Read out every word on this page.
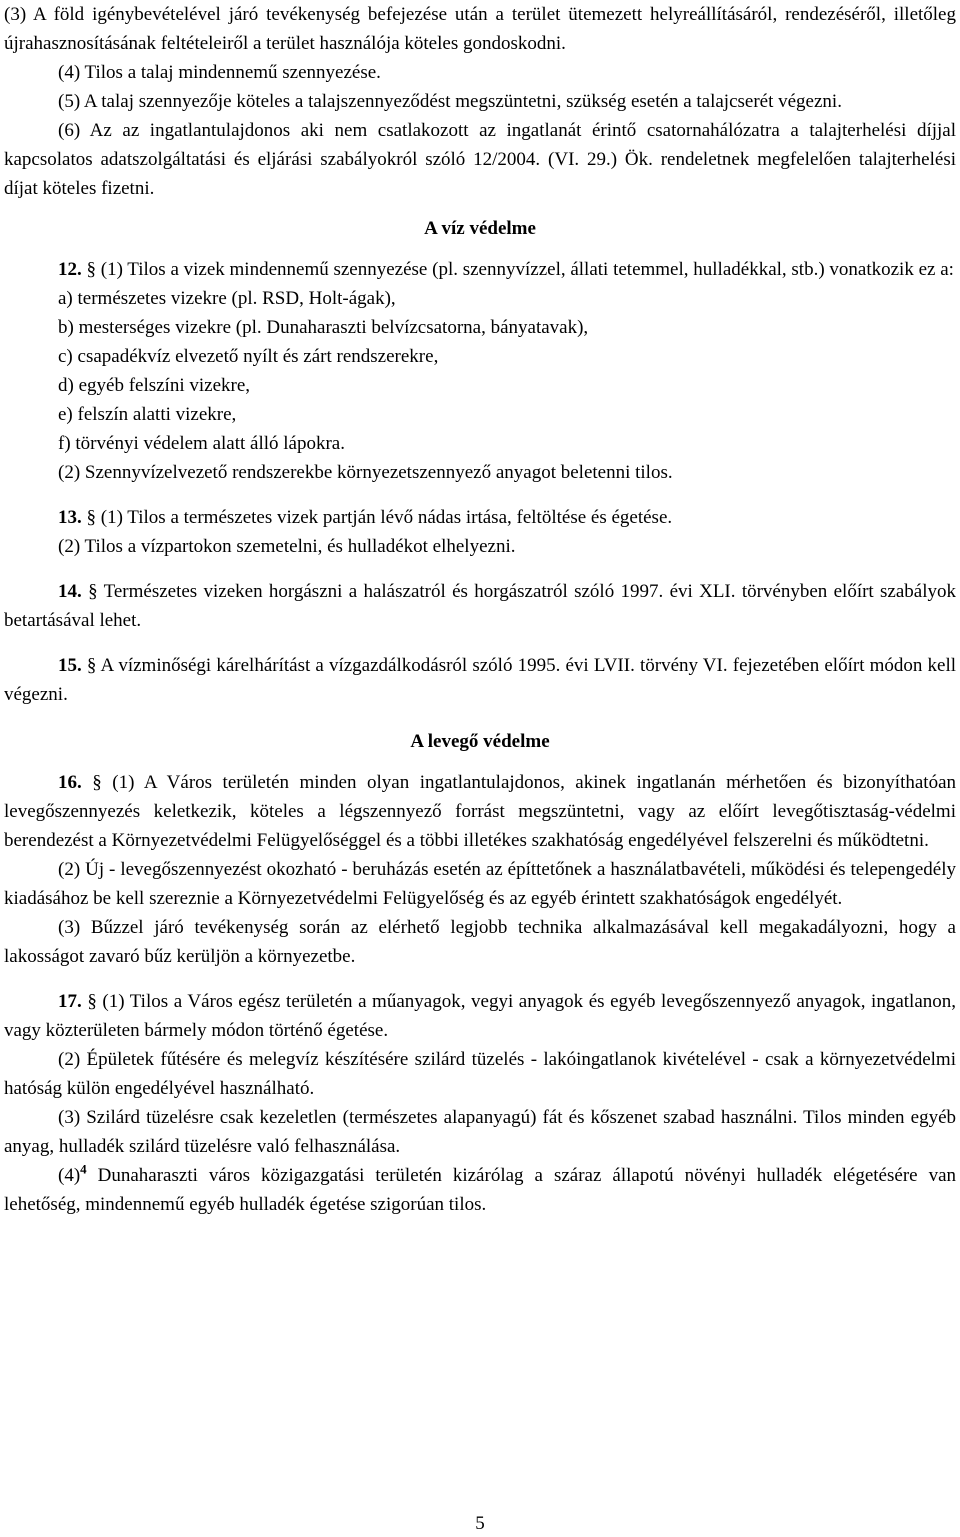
(3) A föld igénybevételével járó tevékenység befejezése után a terület ütemezett helyreállításáról, rendezéséről, illetőleg újrahasznosításának feltételeiről a terület használója köteles gondoskodni.

(4) Tilos a talaj mindennemű szennyezése.

(5) A talaj szennyezője köteles a talajszennyeződést megszüntetni, szükség esetén a talajcserét végezni.

(6) Az az ingatlantulajdonos aki nem csatlakozott az ingatlanát érintő csatornahálózatra a talajterhelési díjjal kapcsolatos adatszolgáltatási és eljárási szabályokról szóló 12/2004. (VI. 29.) Ök. rendeletnek megfelelően talajterhelési díjat köteles fizetni.

A víz védelme

12. § (1) Tilos a vizek mindennemű szennyezése (pl. szennyvízzel, állati tetemmel, hulladékkal, stb.) vonatkozik ez a:

a) természetes vizekre (pl. RSD, Holt-ágak),

b) mesterséges vizekre (pl. Dunaharaszti belvízcsatorna, bányatavak),

c) csapadékvíz elvezető nyílt és zárt rendszerekre,

d) egyéb felszíni vizekre,

e) felszín alatti vizekre,

f) törvényi védelem alatt álló lápokra.

(2) Szennyvízelvezető rendszerekbe környezetszennyező anyagot beletenni tilos.

13. § (1) Tilos a természetes vizek partján lévő nádas irtása, feltöltése és égetése.

(2) Tilos a vízpartokon szemetelni, és hulladékot elhelyezni.

14. § Természetes vizeken horgászni a halászatról és horgászatról szóló 1997. évi XLI. törvényben előírt szabályok betartásával lehet.

15. § A vízminőségi kárelhárítást a vízgazdálkodásról szóló 1995. évi LVII. törvény VI. fejezetében előírt módon kell végezni.

A levegő védelme

16. § (1) A Város területén minden olyan ingatlantulajdonos, akinek ingatlanán mérhetően és bizonyíthatóan levegőszennyezés keletkezik, köteles a légszennyező forrást megszüntetni, vagy az előírt levegőtisztaság-védelmi berendezést a Környezetvédelmi Felügyelőséggel és a többi illetékes szakhatóság engedélyével felszerelni és működtetni.

(2) Új - levegőszennyezést okozható - beruházás esetén az építtetőnek a használatbavételi, működési és telepengedély kiadásához be kell szereznie a Környezetvédelmi Felügyelőség és az egyéb érintett szakhatóságok engedélyét.

(3) Bűzzel járó tevékenység során az elérhető legjobb technika alkalmazásával kell megakadályozni, hogy a lakosságot zavaró bűz kerüljön a környezetbe.

17. § (1) Tilos a Város egész területén a műanyagok, vegyi anyagok és egyéb levegőszennyező anyagok, ingatlanon, vagy közterületen bármely módon történő égetése.

(2) Épületek fűtésére és melegvíz készítésére szilárd tüzelés - lakóingatlanok kivételével - csak a környezetvédelmi hatóság külön engedélyével használható.

(3) Szilárd tüzelésre csak kezeletlen (természetes alapanyagú) fát és kőszenet szabad használni. Tilos minden egyéb anyag, hulladék szilárd tüzelésre való felhasználása.

$(4)^4$ Dunaharaszti város közigazgatási területén kizárólag a száraz állapotú növényi hulladék elégetésére van lehetőség, mindennemű egyéb hulladék égetése szigorúan tilos.

5
